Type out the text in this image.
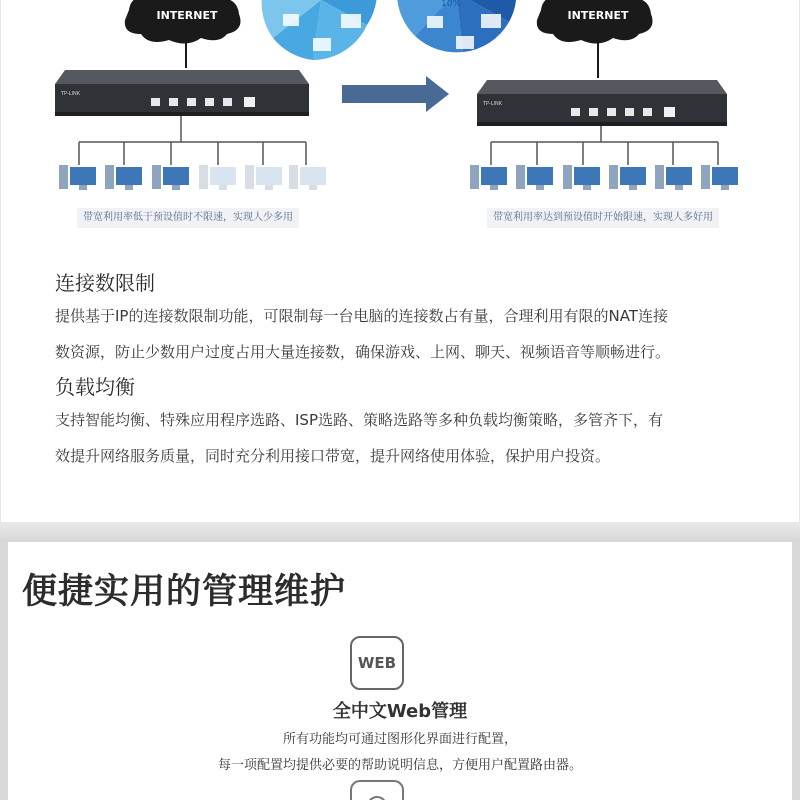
INTERNET
10%
INTERNET
TP-LINK
TP-LINK
带宽利用率低于预设值时不限速，实现人少多用	带宽利用率达到预设值时开始限速，实现人多好用
连接数限制

提供基于IP的连接数限制功能，可限制每一台电脑的连接数占有量，合理利用有限的NAT连接

数资源，防止少数用户过度占用大量连接数，确保游戏、上网、聊天、视频语音等顺畅进行。

负载均衡

支持智能均衡、特殊应用程序选路、ISP选路、策略选路等多种负载均衡策略，多管齐下，有

效提升网络服务质量，同时充分利用接口带宽，提升网络使用体验，保护用户投资。

便捷实用的管理维护
WEB
全中文Web管理
所有功能均可通过图形化界面进行配置，
每一项配置均提供必要的帮助说明信息，方便用户配置路由器。
